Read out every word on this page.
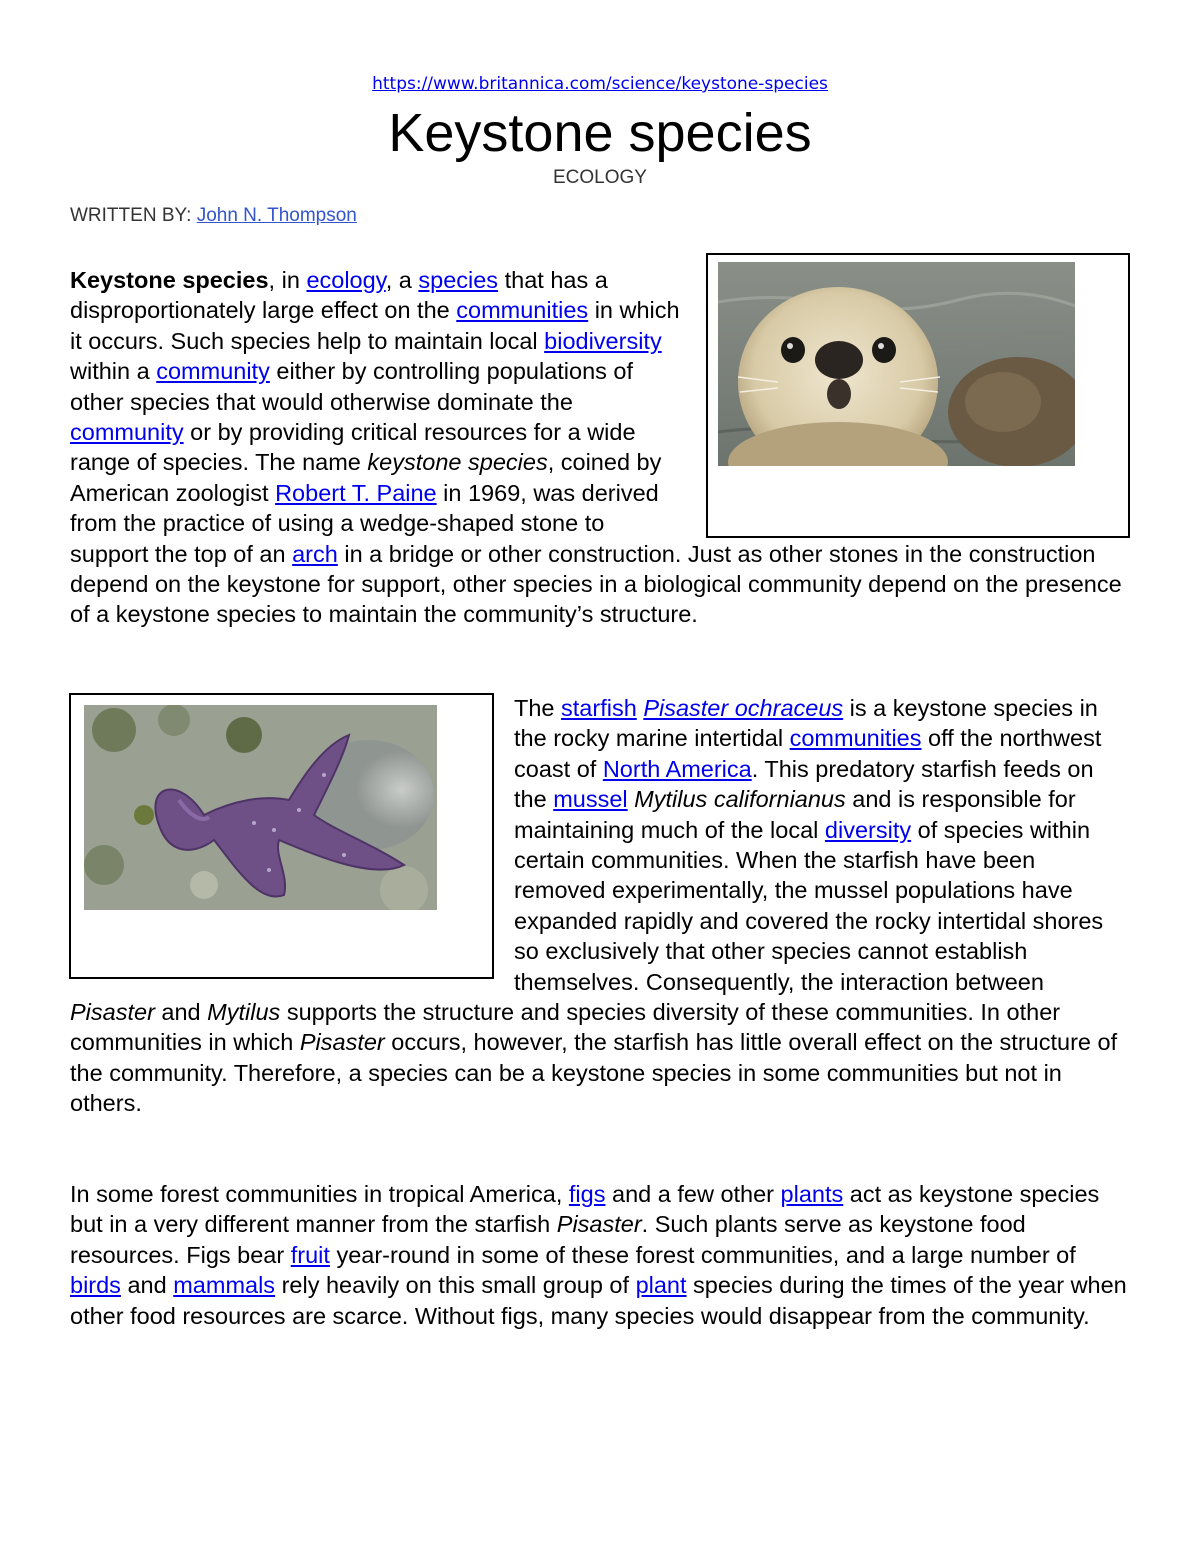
https://www.britannica.com/science/keystone-species
Keystone species
ECOLOGY
WRITTEN BY: John N. Thompson

Keystone species, in ecology, a species that has a disproportionately large effect on the communities in which it occurs. Such species help to maintain local biodiversity within a community either by controlling populations of other species that would otherwise dominate the community or by providing critical resources for a wide range of species. The name keystone species, coined by American zoologist Robert T. Paine in 1969, was derived from the practice of using a wedge-shaped stone to support the top of an arch in a bridge or other construction. Just as other stones in the construction depend on the keystone for support, other species in a biological community depend on the presence of a keystone species to maintain the community’s structure.

The starfish Pisaster ochraceus is a keystone species in the rocky marine intertidal communities off the northwest coast of North America. This predatory starfish feeds on the mussel Mytilus californianus and is responsible for maintaining much of the local diversity of species within certain communities. When the starfish have been removed experimentally, the mussel populations have expanded rapidly and covered the rocky intertidal shores so exclusively that other species cannot establish themselves. Consequently, the interaction between Pisaster and Mytilus supports the structure and species diversity of these communities. In other communities in which Pisaster occurs, however, the starfish has little overall effect on the structure of the community. Therefore, a species can be a keystone species in some communities but not in others.

In some forest communities in tropical America, figs and a few other plants act as keystone species but in a very different manner from the starfish Pisaster. Such plants serve as keystone food resources. Figs bear fruit year-round in some of these forest communities, and a large number of birds and mammals rely heavily on this small group of plant species during the times of the year when other food resources are scarce. Without figs, many species would disappear from the community.
